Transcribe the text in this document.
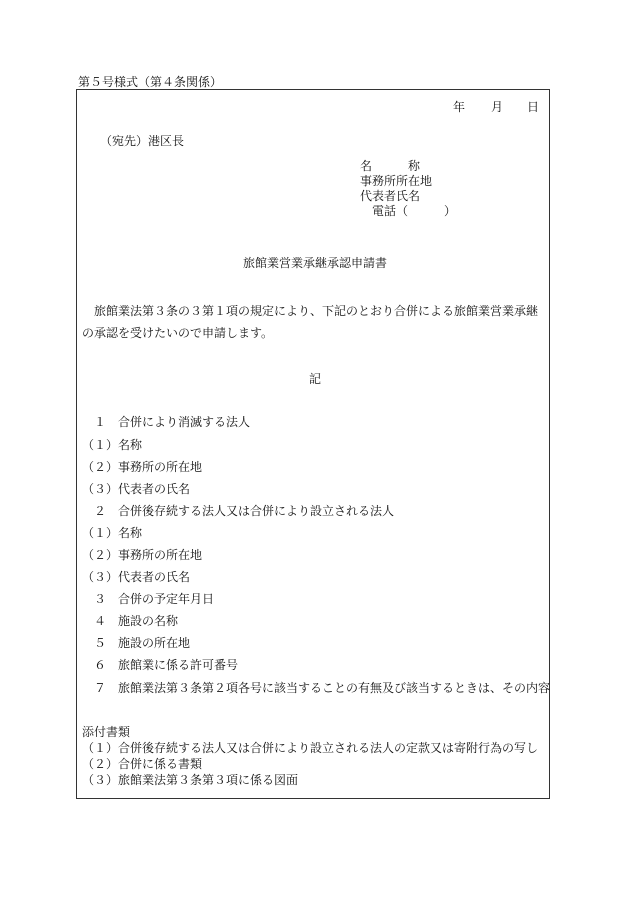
第５号様式（第４条関係）
年 月 日
（宛先）港区長
名　　　称
事務所所在地
代表者氏名
電話（　　　）
旅館業営業承継承認申請書
旅館業法第３条の３第１項の規定により、下記のとおり合併による旅館業営業承継の承認を受けたいので申請します。
記
１　合併により消滅する法人
（１）名称
（２）事務所の所在地
（３）代表者の氏名
２　合併後存続する法人又は合併により設立される法人
（１）名称
（２）事務所の所在地
（３）代表者の氏名
３　合併の予定年月日
４　施設の名称
５　施設の所在地
６　旅館業に係る許可番号
７　旅館業法第３条第２項各号に該当することの有無及び該当するときは、その内容
添付書類
（１）合併後存続する法人又は合併により設立される法人の定款又は寄附行為の写し
（２）合併に係る書類
（３）旅館業法第３条第３項に係る図面
